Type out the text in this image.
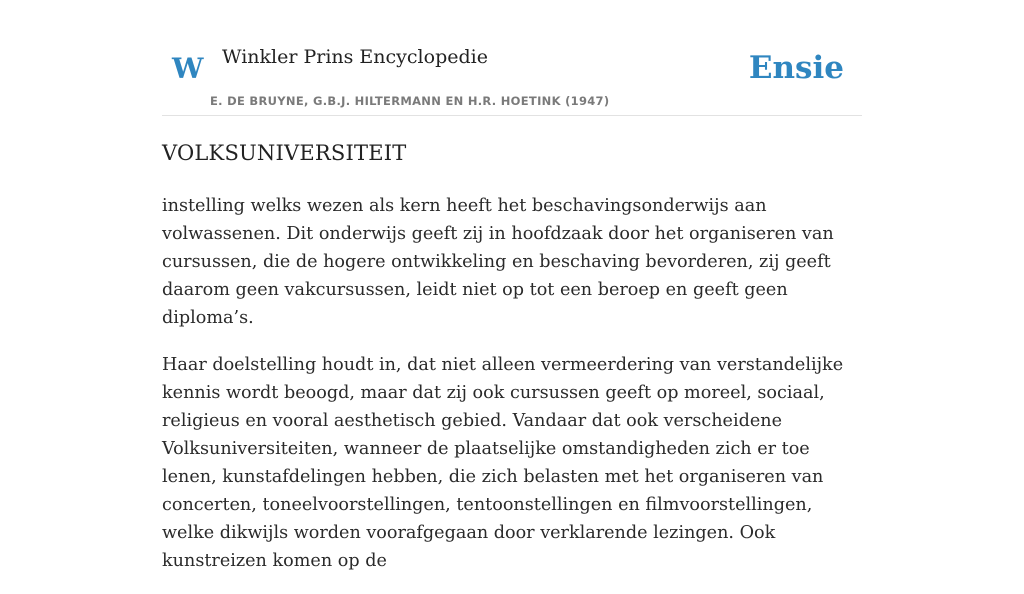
W Winkler Prins Encyclopedie
E. DE BRUYNE, G.B.J. HILTERMANN EN H.R. HOETINK (1947)
Ensie
VOLKSUNIVERSITEIT

instelling welks wezen als kern heeft het beschavingsonderwijs aan volwassenen. Dit onderwijs geeft zij in hoofdzaak door het organiseren van cursussen, die de hogere ontwikkeling en beschaving bevorderen, zij geeft daarom geen vakcursussen, leidt niet op tot een beroep en geeft geen diploma’s.

Haar doelstelling houdt in, dat niet alleen vermeerdering van verstandelijke kennis wordt beoogd, maar dat zij ook cursussen geeft op moreel, sociaal, religieus en vooral aesthetisch gebied. Vandaar dat ook verscheidene Volksuniversiteiten, wanneer de plaatselijke omstandigheden zich er toe lenen, kunstafdelingen hebben, die zich belasten met het organiseren van concerten, toneelvoorstellingen, tentoonstellingen en filmvoorstellingen, welke dikwijls worden voorafgegaan door verklarende lezingen. Ook kunstreizen komen op de
